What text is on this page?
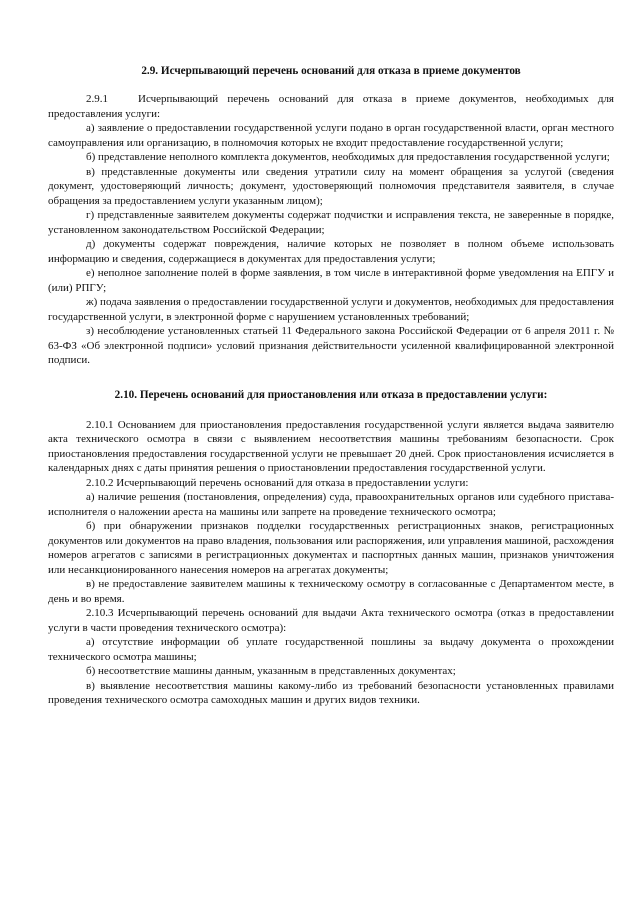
2.9. Исчерпывающий перечень оснований для отказа в приеме документов

2.9.1	Исчерпывающий перечень оснований для отказа в приеме документов, необходимых для предоставления услуги:

а) заявление о предоставлении государственной услуги подано в орган государственной власти, орган местного самоуправления или организацию, в полномочия которых не входит предоставление государственной услуги;

б) представление неполного комплекта документов, необходимых для предоставления государственной услуги;

в) представленные документы или сведения утратили силу на момент обращения за услугой (сведения документ, удостоверяющий личность; документ, удостоверяющий полномочия представителя заявителя, в случае обращения за предоставлением услуги указанным лицом);

г) представленные заявителем документы содержат подчистки и исправления текста, не заверенные в порядке, установленном законодательством Российской Федерации;

д) документы содержат повреждения, наличие которых не позволяет в полном объеме использовать информацию и сведения, содержащиеся в документах для предоставления услуги;

е) неполное заполнение полей в форме заявления, в том числе в интерактивной форме уведомления на ЕПГУ и (или) РПГУ;

ж) подача заявления о предоставлении государственной услуги и документов, необходимых для предоставления государственной услуги, в электронной форме с нарушением установленных требований;

з) несоблюдение установленных статьей 11 Федерального закона Российской Федерации от 6 апреля 2011 г. № 63-ФЗ «Об электронной подписи» условий признания действительности усиленной квалифицированной электронной подписи.

2.10. Перечень оснований для приостановления или отказа в предоставлении услуги:

2.10.1 Основанием для приостановления предоставления государственной услуги является выдача заявителю акта технического осмотра в связи с выявлением несоответствия машины требованиям безопасности. Срок приостановления предоставления государственной услуги не превышает 20 дней. Срок приостановления исчисляется в календарных днях с даты принятия решения о приостановлении предоставления государственной услуги.

2.10.2 Исчерпывающий перечень оснований для отказа в предоставлении услуги:

а) наличие решения (постановления, определения) суда, правоохранительных органов или судебного пристава-исполнителя о наложении ареста на машины или запрете на проведение технического осмотра;

б) при обнаружении признаков подделки государственных регистрационных знаков, регистрационных документов или документов на право владения, пользования или распоряжения, или управления машиной, расхождения номеров агрегатов с записями в регистрационных документах и паспортных данных машин, признаков уничтожения или несанкционированного нанесения номеров на агрегатах документы;

в) не предоставление заявителем машины к техническому осмотру в согласованные с Департаментом месте, в день и во время.

2.10.3 Исчерпывающий перечень оснований для выдачи Акта технического осмотра (отказ в предоставлении услуги в части проведения технического осмотра):

а) отсутствие информации об уплате государственной пошлины за выдачу документа о прохождении технического осмотра машины;

б) несоответствие машины данным, указанным в представленных документах;

в) выявление несоответствия машины какому-либо из требований безопасности установленных правилами проведения технического осмотра самоходных машин и других видов техники.
